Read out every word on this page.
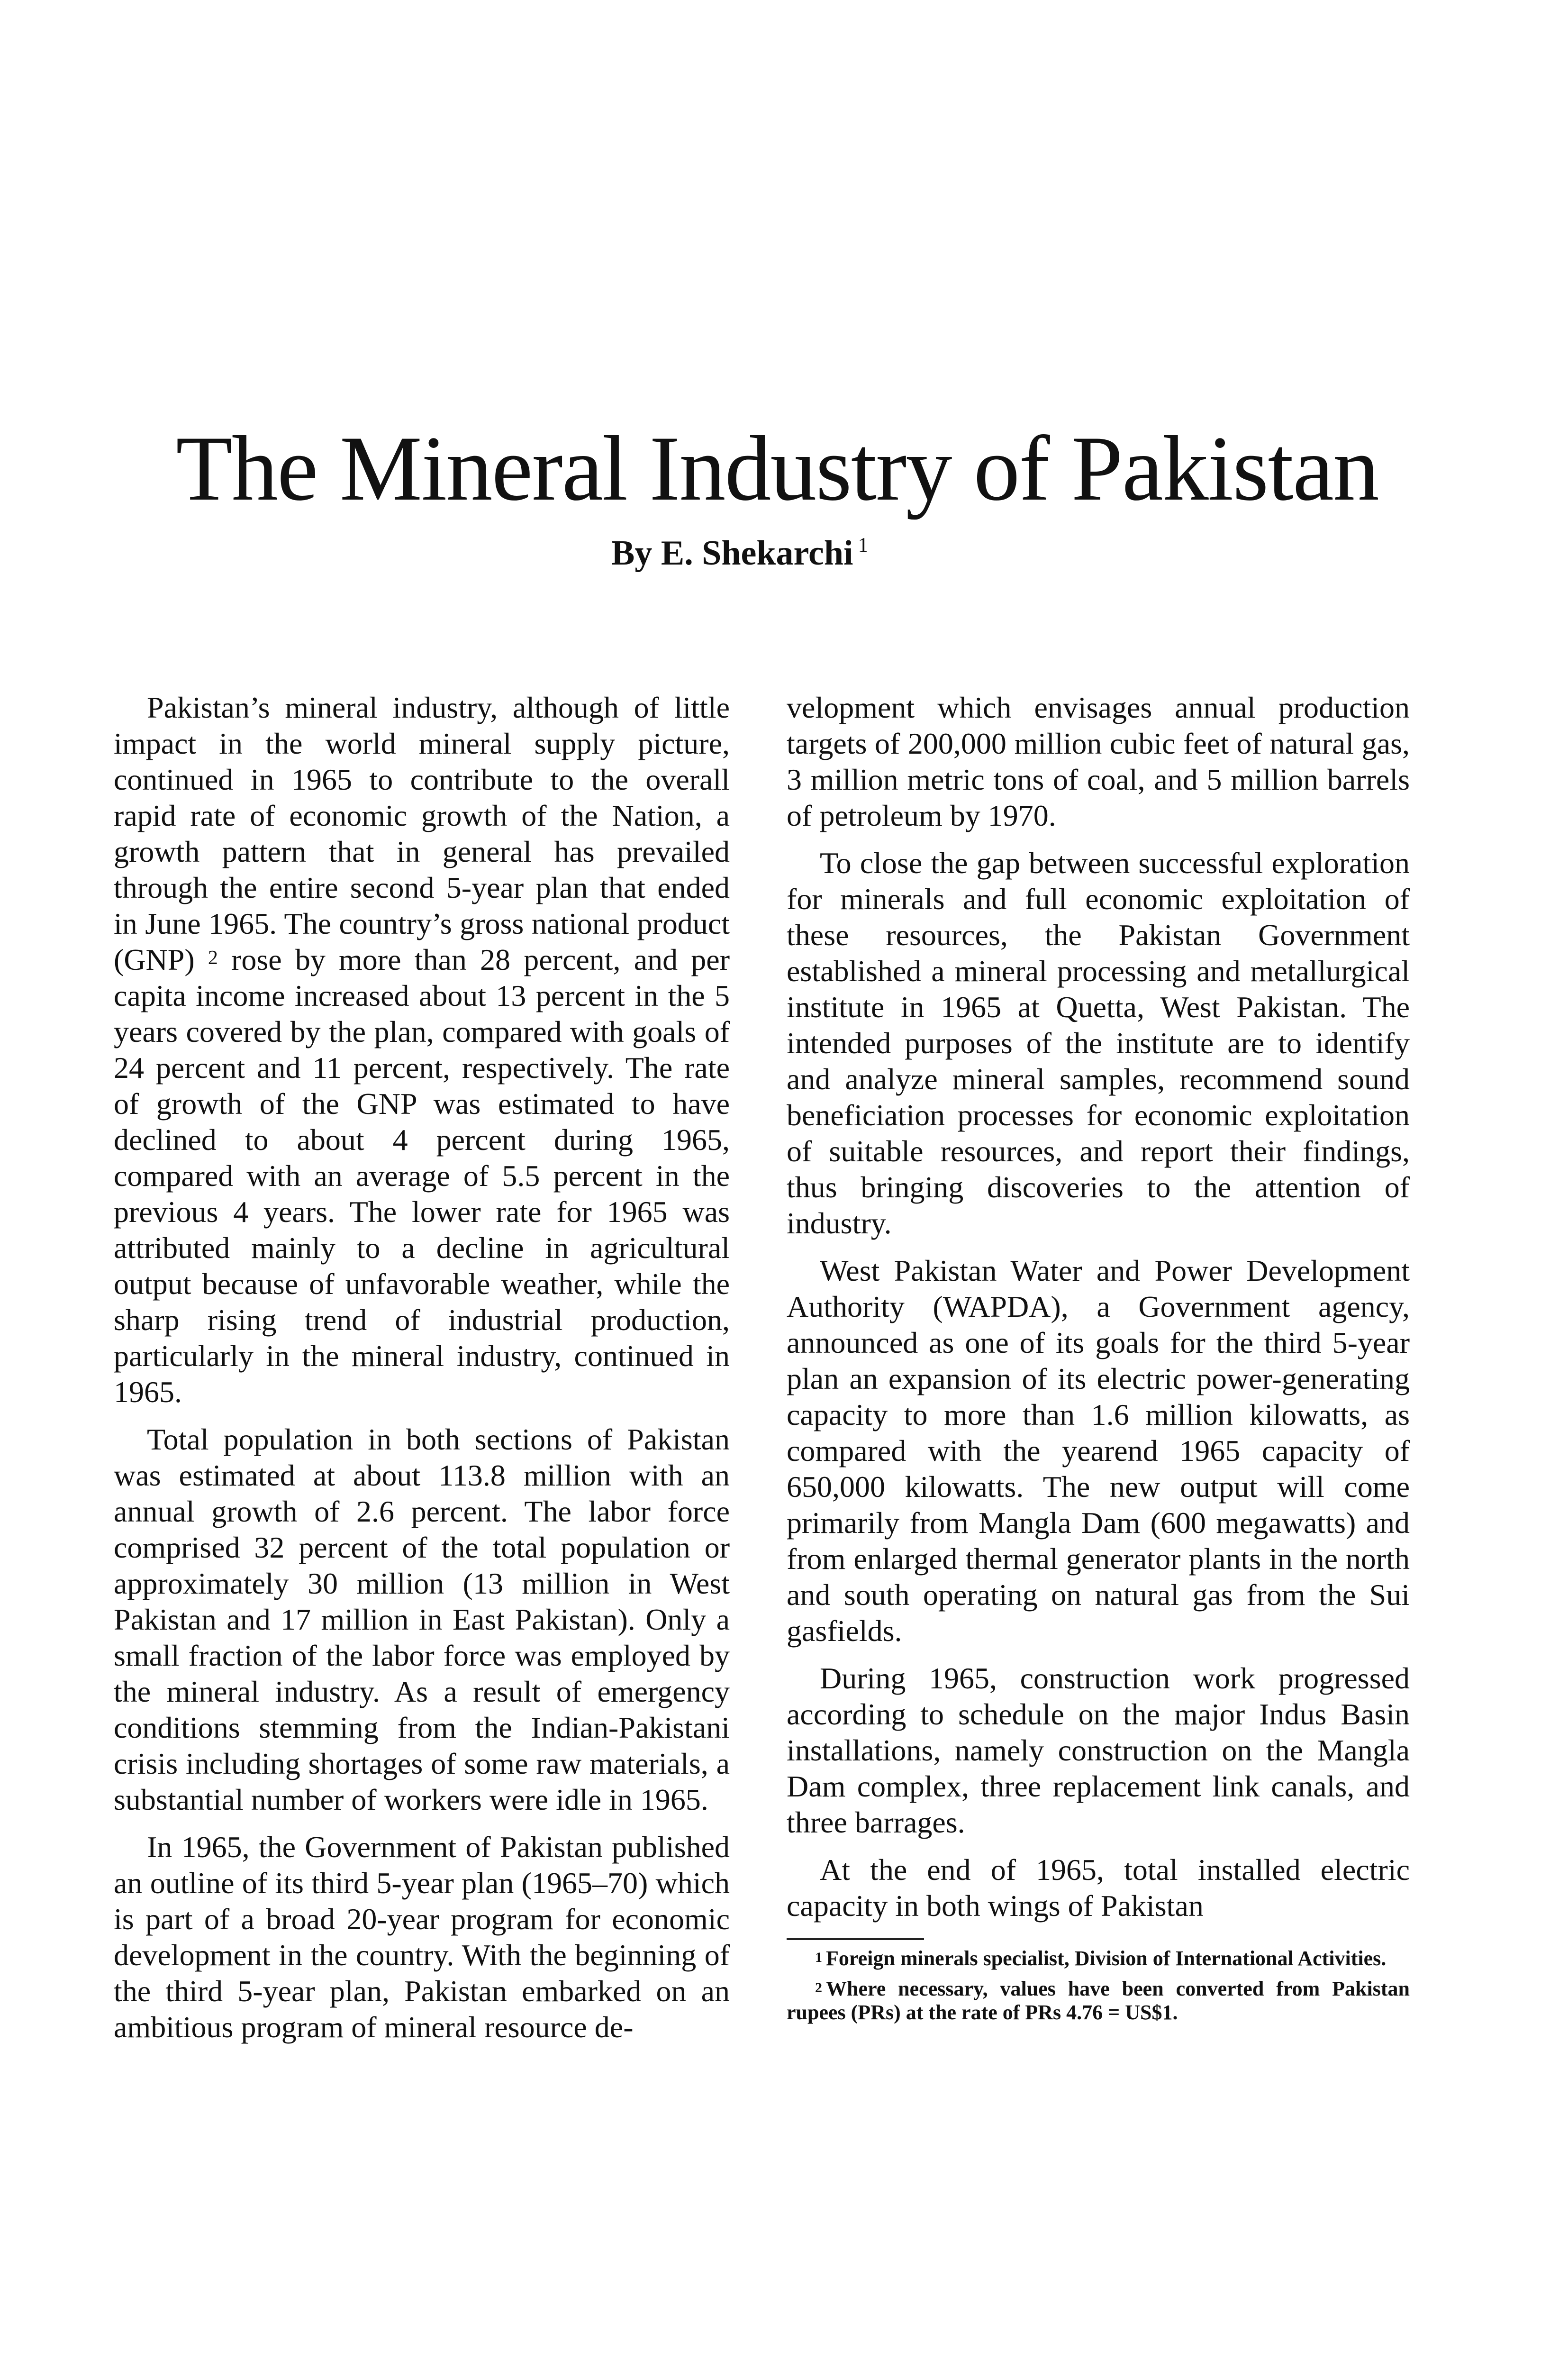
The Mineral Industry of Pakistan
By E. Shekarchi $^1$

Pakistan’s mineral industry, although of little impact in the world mineral supply picture, continued in 1965 to contribute to the overall rapid rate of economic growth of the Nation, a growth pattern that in general has prevailed through the entire second 5-year plan that ended in June 1965. The country’s gross national product (GNP) $^2$ rose by more than 28 percent, and per capita income increased about 13 percent in the 5 years covered by the plan, compared with goals of 24 percent and 11 percent, respectively. The rate of growth of the GNP was estimated to have declined to about 4 percent during 1965, compared with an average of 5.5 percent in the previous 4 years. The lower rate for 1965 was attributed mainly to a decline in agricultural output because of unfavorable weather, while the sharp rising trend of industrial production, particularly in the mineral industry, continued in 1965.

Total population in both sections of Pakistan was estimated at about 113.8 million with an annual growth of 2.6 percent. The labor force comprised 32 percent of the total population or approximately 30 million (13 million in West Pakistan and 17 million in East Pakistan). Only a small fraction of the labor force was employed by the mineral industry. As a result of emergency conditions stemming from the Indian-Pakistani crisis including shortages of some raw materials, a substantial number of workers were idle in 1965.

In 1965, the Government of Pakistan published an outline of its third 5-year plan (1965–70) which is part of a broad 20-year program for economic development in the country. With the beginning of the third 5-year plan, Pakistan embarked on an ambitious program of mineral resource de-

velopment which envisages annual production targets of 200,000 million cubic feet of natural gas, 3 million metric tons of coal, and 5 million barrels of petroleum by 1970.

To close the gap between successful exploration for minerals and full economic exploitation of these resources, the Pakistan Government established a mineral processing and metallurgical institute in 1965 at Quetta, West Pakistan. The intended purposes of the institute are to identify and analyze mineral samples, recommend sound beneficiation processes for economic exploitation of suitable resources, and report their findings, thus bringing discoveries to the attention of industry.

West Pakistan Water and Power Development Authority (WAPDA), a Government agency, announced as one of its goals for the third 5-year plan an expansion of its electric power-generating capacity to more than 1.6 million kilowatts, as compared with the yearend 1965 capacity of 650,000 kilowatts. The new output will come primarily from Mangla Dam (600 megawatts) and from enlarged thermal generator plants in the north and south operating on natural gas from the Sui gasfields.

During 1965, construction work progressed according to schedule on the major Indus Basin installations, namely construction on the Mangla Dam complex, three replacement link canals, and three barrages.

At the end of 1965, total installed electric capacity in both wings of Pakistan

$^1$ Foreign minerals specialist, Division of International Activities.

$^2$ Where necessary, values have been converted from Pakistan rupees (PRs) at the rate of PRs 4.76 = US$1.
